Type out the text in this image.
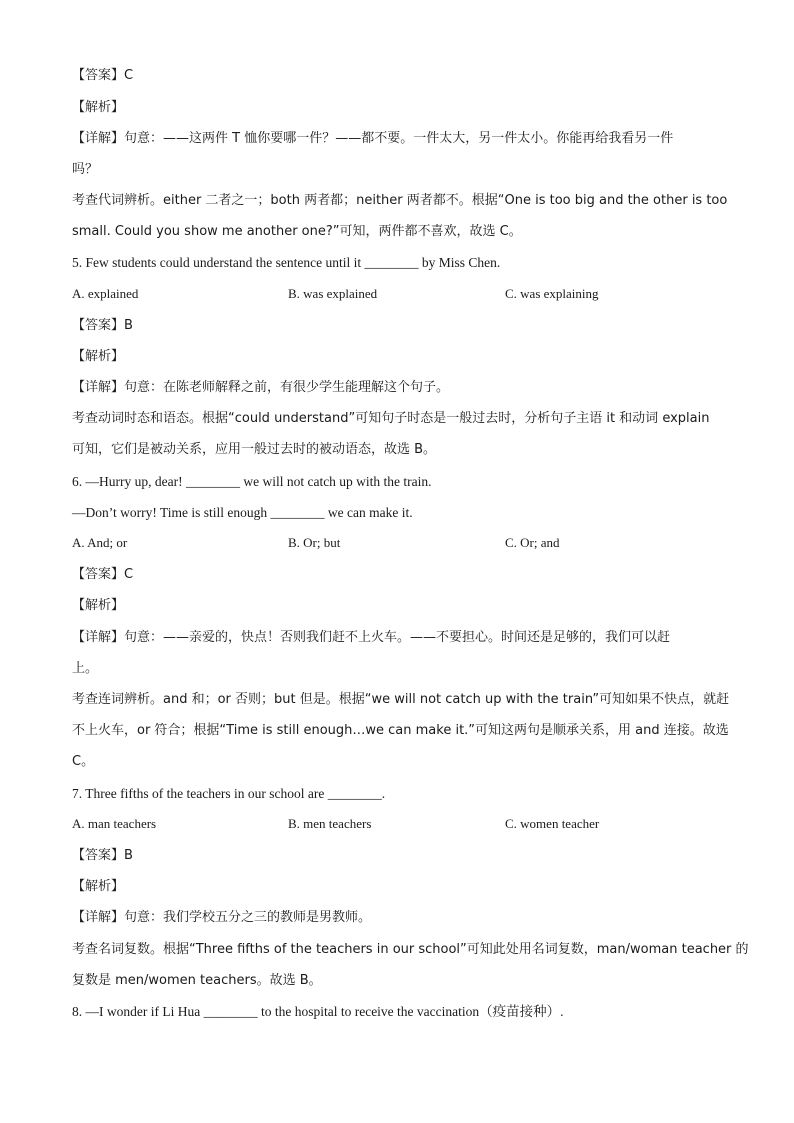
【答案】C
【解析】
【详解】句意：——这两件 T 恤你要哪一件？——都不要。一件太大，另一件太小。你能再给我看另一件
吗？
考查代词辨析。either 二者之一；both 两者都；neither 两者都不。根据“One is too big and the other is too
small. Could you show me another one?”可知，两件都不喜欢，故选 C。
5. Few students could understand the sentence until it ________ by Miss Chen.
A. explained	B. was explained	C. was explaining
【答案】B
【解析】
【详解】句意：在陈老师解释之前，有很少学生能理解这个句子。
考查动词时态和语态。根据“could understand”可知句子时态是一般过去时，分析句子主语 it 和动词 explain
可知，它们是被动关系，应用一般过去时的被动语态，故选 B。
6. —Hurry up, dear! ________ we will not catch up with the train.
—Don’t worry! Time is still enough ________ we can make it.
A. And; or	B. Or; but	C. Or; and
【答案】C
【解析】
【详解】句意：——亲爱的，快点！否则我们赶不上火车。——不要担心。时间还是足够的，我们可以赶
上。
考查连词辨析。and 和；or 否则；but 但是。根据“we will not catch up with the train”可知如果不快点，就赶
不上火车，or 符合；根据“Time is still enough…we can make it.”可知这两句是顺承关系，用 and 连接。故选
C。
7. Three fifths of the teachers in our school are ________.
A. man teachers	B. men teachers	C. women teacher
【答案】B
【解析】
【详解】句意：我们学校五分之三的教师是男教师。
考查名词复数。根据“Three fifths of the teachers in our school”可知此处用名词复数，man/woman teacher 的
复数是 men/women teachers。故选 B。
8. —I wonder if Li Hua ________ to the hospital to receive the vaccination（疫苗接种）.
